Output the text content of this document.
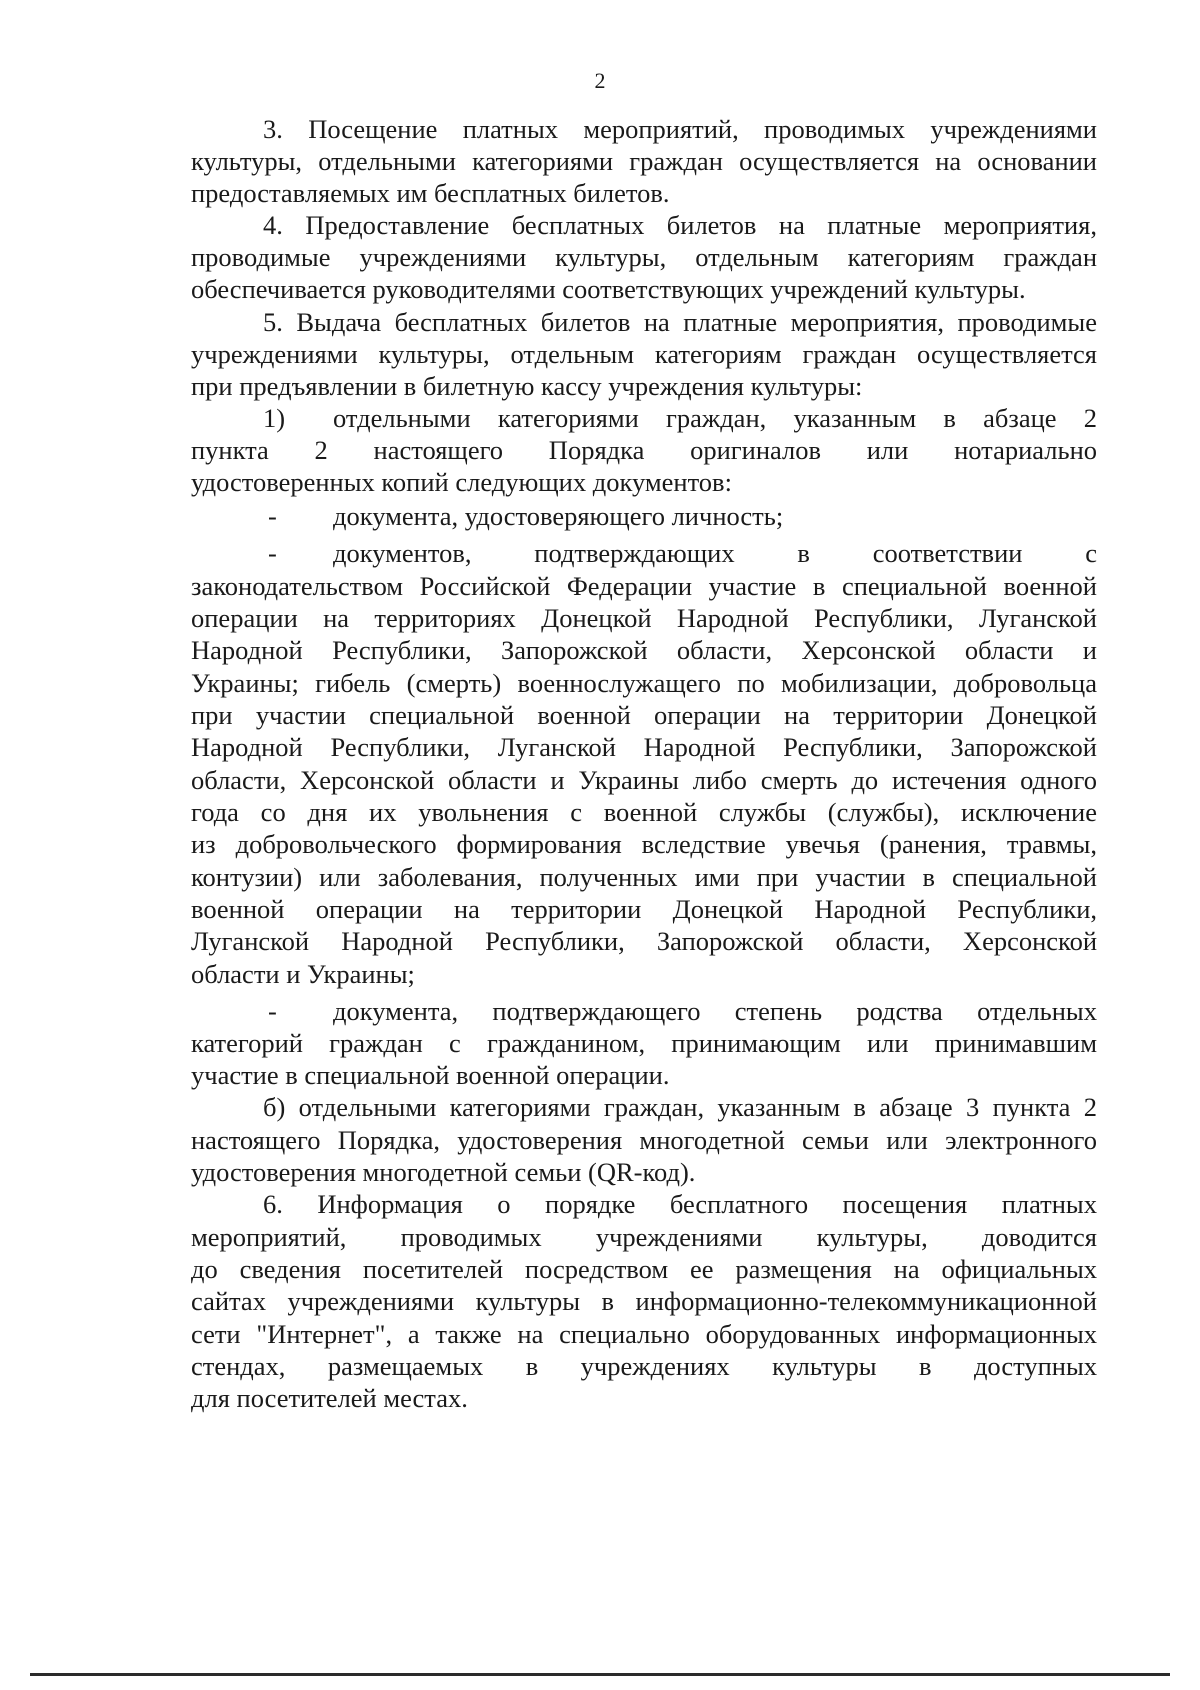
2
3. Посещение платных мероприятий, проводимых учреждениями
культуры, отдельными категориями граждан осуществляется на основании
предоставляемых им бесплатных билетов.
4. Предоставление бесплатных билетов на платные мероприятия,
проводимые учреждениями культуры, отдельным категориям граждан
обеспечивается руководителями соответствующих учреждений культуры.
5. Выдача бесплатных билетов на платные мероприятия, проводимые
учреждениями культуры, отдельным категориям граждан осуществляется
при предъявлении в билетную кассу учреждения культуры:
1) отдельными категориями граждан, указанным в абзаце 2
пункта 2 настоящего Порядка оригиналов или нотариально
удостоверенных копий следующих документов:
- документа, удостоверяющего личность;
- документов, подтверждающих в соответствии с
законодательством Российской Федерации участие в специальной военной
операции на территориях Донецкой Народной Республики, Луганской
Народной Республики, Запорожской области, Херсонской области и
Украины; гибель (смерть) военнослужащего по мобилизации, добровольца
при участии специальной военной операции на территории Донецкой
Народной Республики, Луганской Народной Республики, Запорожской
области, Херсонской области и Украины либо смерть до истечения одного
года со дня их увольнения с военной службы (службы), исключение
из добровольческого формирования вследствие увечья (ранения, травмы,
контузии) или заболевания, полученных ими при участии в специальной
военной операции на территории Донецкой Народной Республики,
Луганской Народной Республики, Запорожской области, Херсонской
области и Украины;
- документа, подтверждающего степень родства отдельных
категорий граждан с гражданином, принимающим или принимавшим
участие в специальной военной операции.
б) отдельными категориями граждан, указанным в абзаце 3 пункта 2
настоящего Порядка, удостоверения многодетной семьи или электронного
удостоверения многодетной семьи (QR-код).
6. Информация о порядке бесплатного посещения платных
мероприятий, проводимых учреждениями культуры, доводится
до сведения посетителей посредством ее размещения на официальных
сайтах учреждениями культуры в информационно-телекоммуникационной
сети "Интернет", а также на специально оборудованных информационных
стендах, размещаемых в учреждениях культуры в доступных
для посетителей местах.
